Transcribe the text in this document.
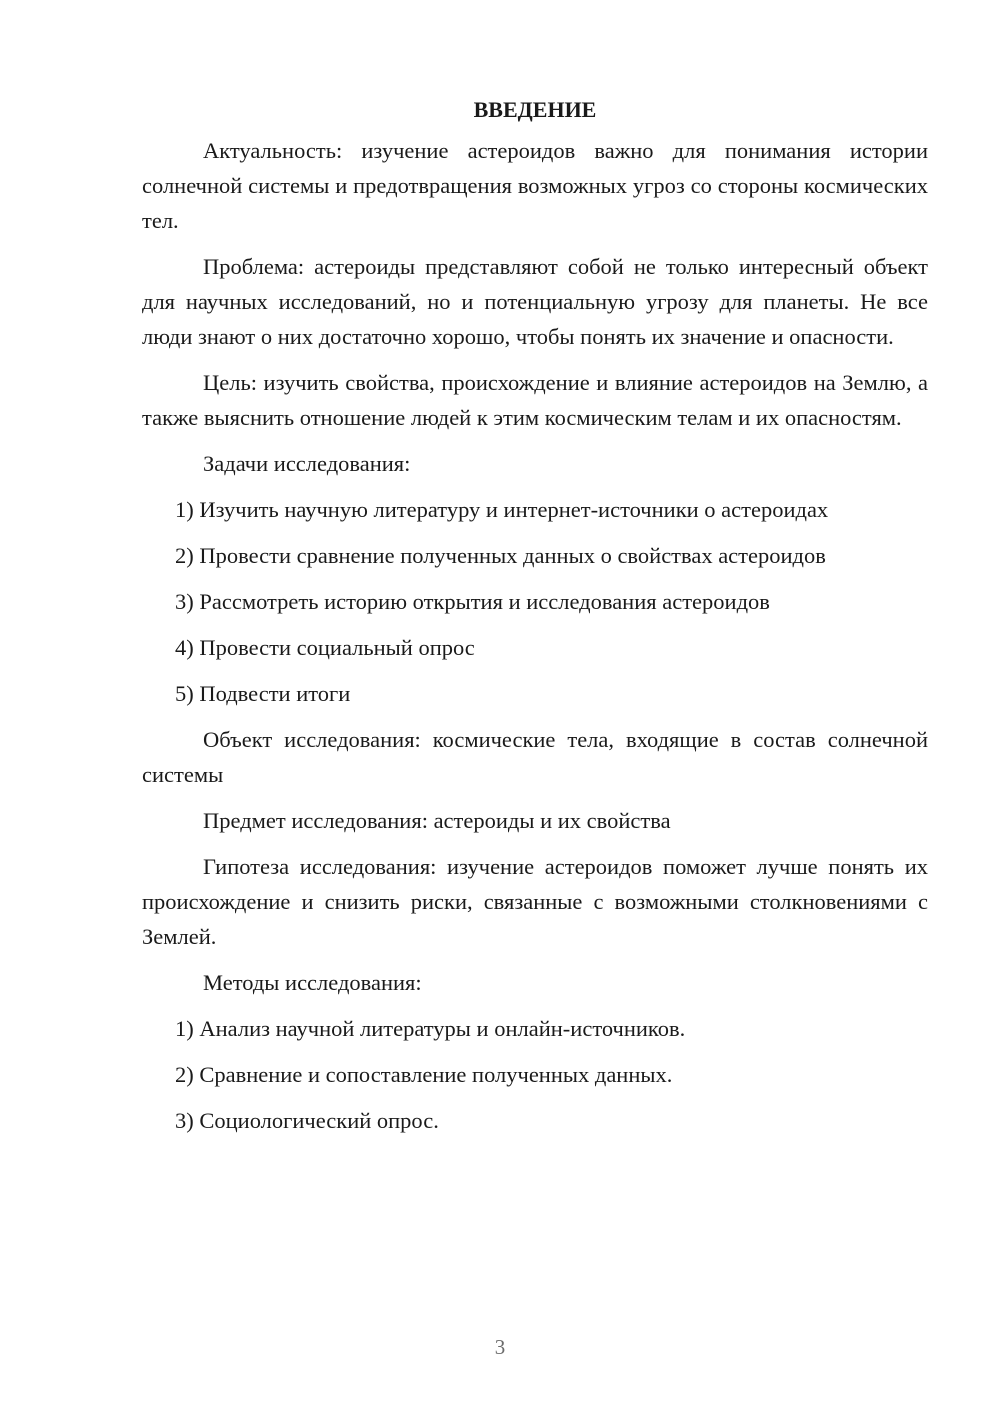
ВВЕДЕНИЕ

Актуальность: изучение астероидов важно для понимания истории солнечной системы и предотвращения возможных угроз со стороны космических тел.

Проблема: астероиды представляют собой не только интересный объект для научных исследований, но и потенциальную угрозу для планеты. Не все люди знают о них достаточно хорошо, чтобы понять их значение и опасности.

Цель: изучить свойства, происхождение и влияние астероидов на Землю, а также выяснить отношение людей к этим космическим телам и их опасностям.

Задачи исследования:
1) Изучить научную литературу и интернет-источники о астероидах
2) Провести сравнение полученных данных о свойствах астероидов
3) Рассмотреть историю открытия и исследования астероидов
4) Провести социальный опрос
5) Подвести итоги

Объект исследования: космические тела, входящие в состав солнечной системы

Предмет исследования: астероиды и их свойства

Гипотеза исследования: изучение астероидов поможет лучше понять их происхождение и снизить риски, связанные с возможными столкновениями с Землей.

Методы исследования:
1) Анализ научной литературы и онлайн-источников.
2) Сравнение и сопоставление полученных данных.
3) Социологический опрос.
3
